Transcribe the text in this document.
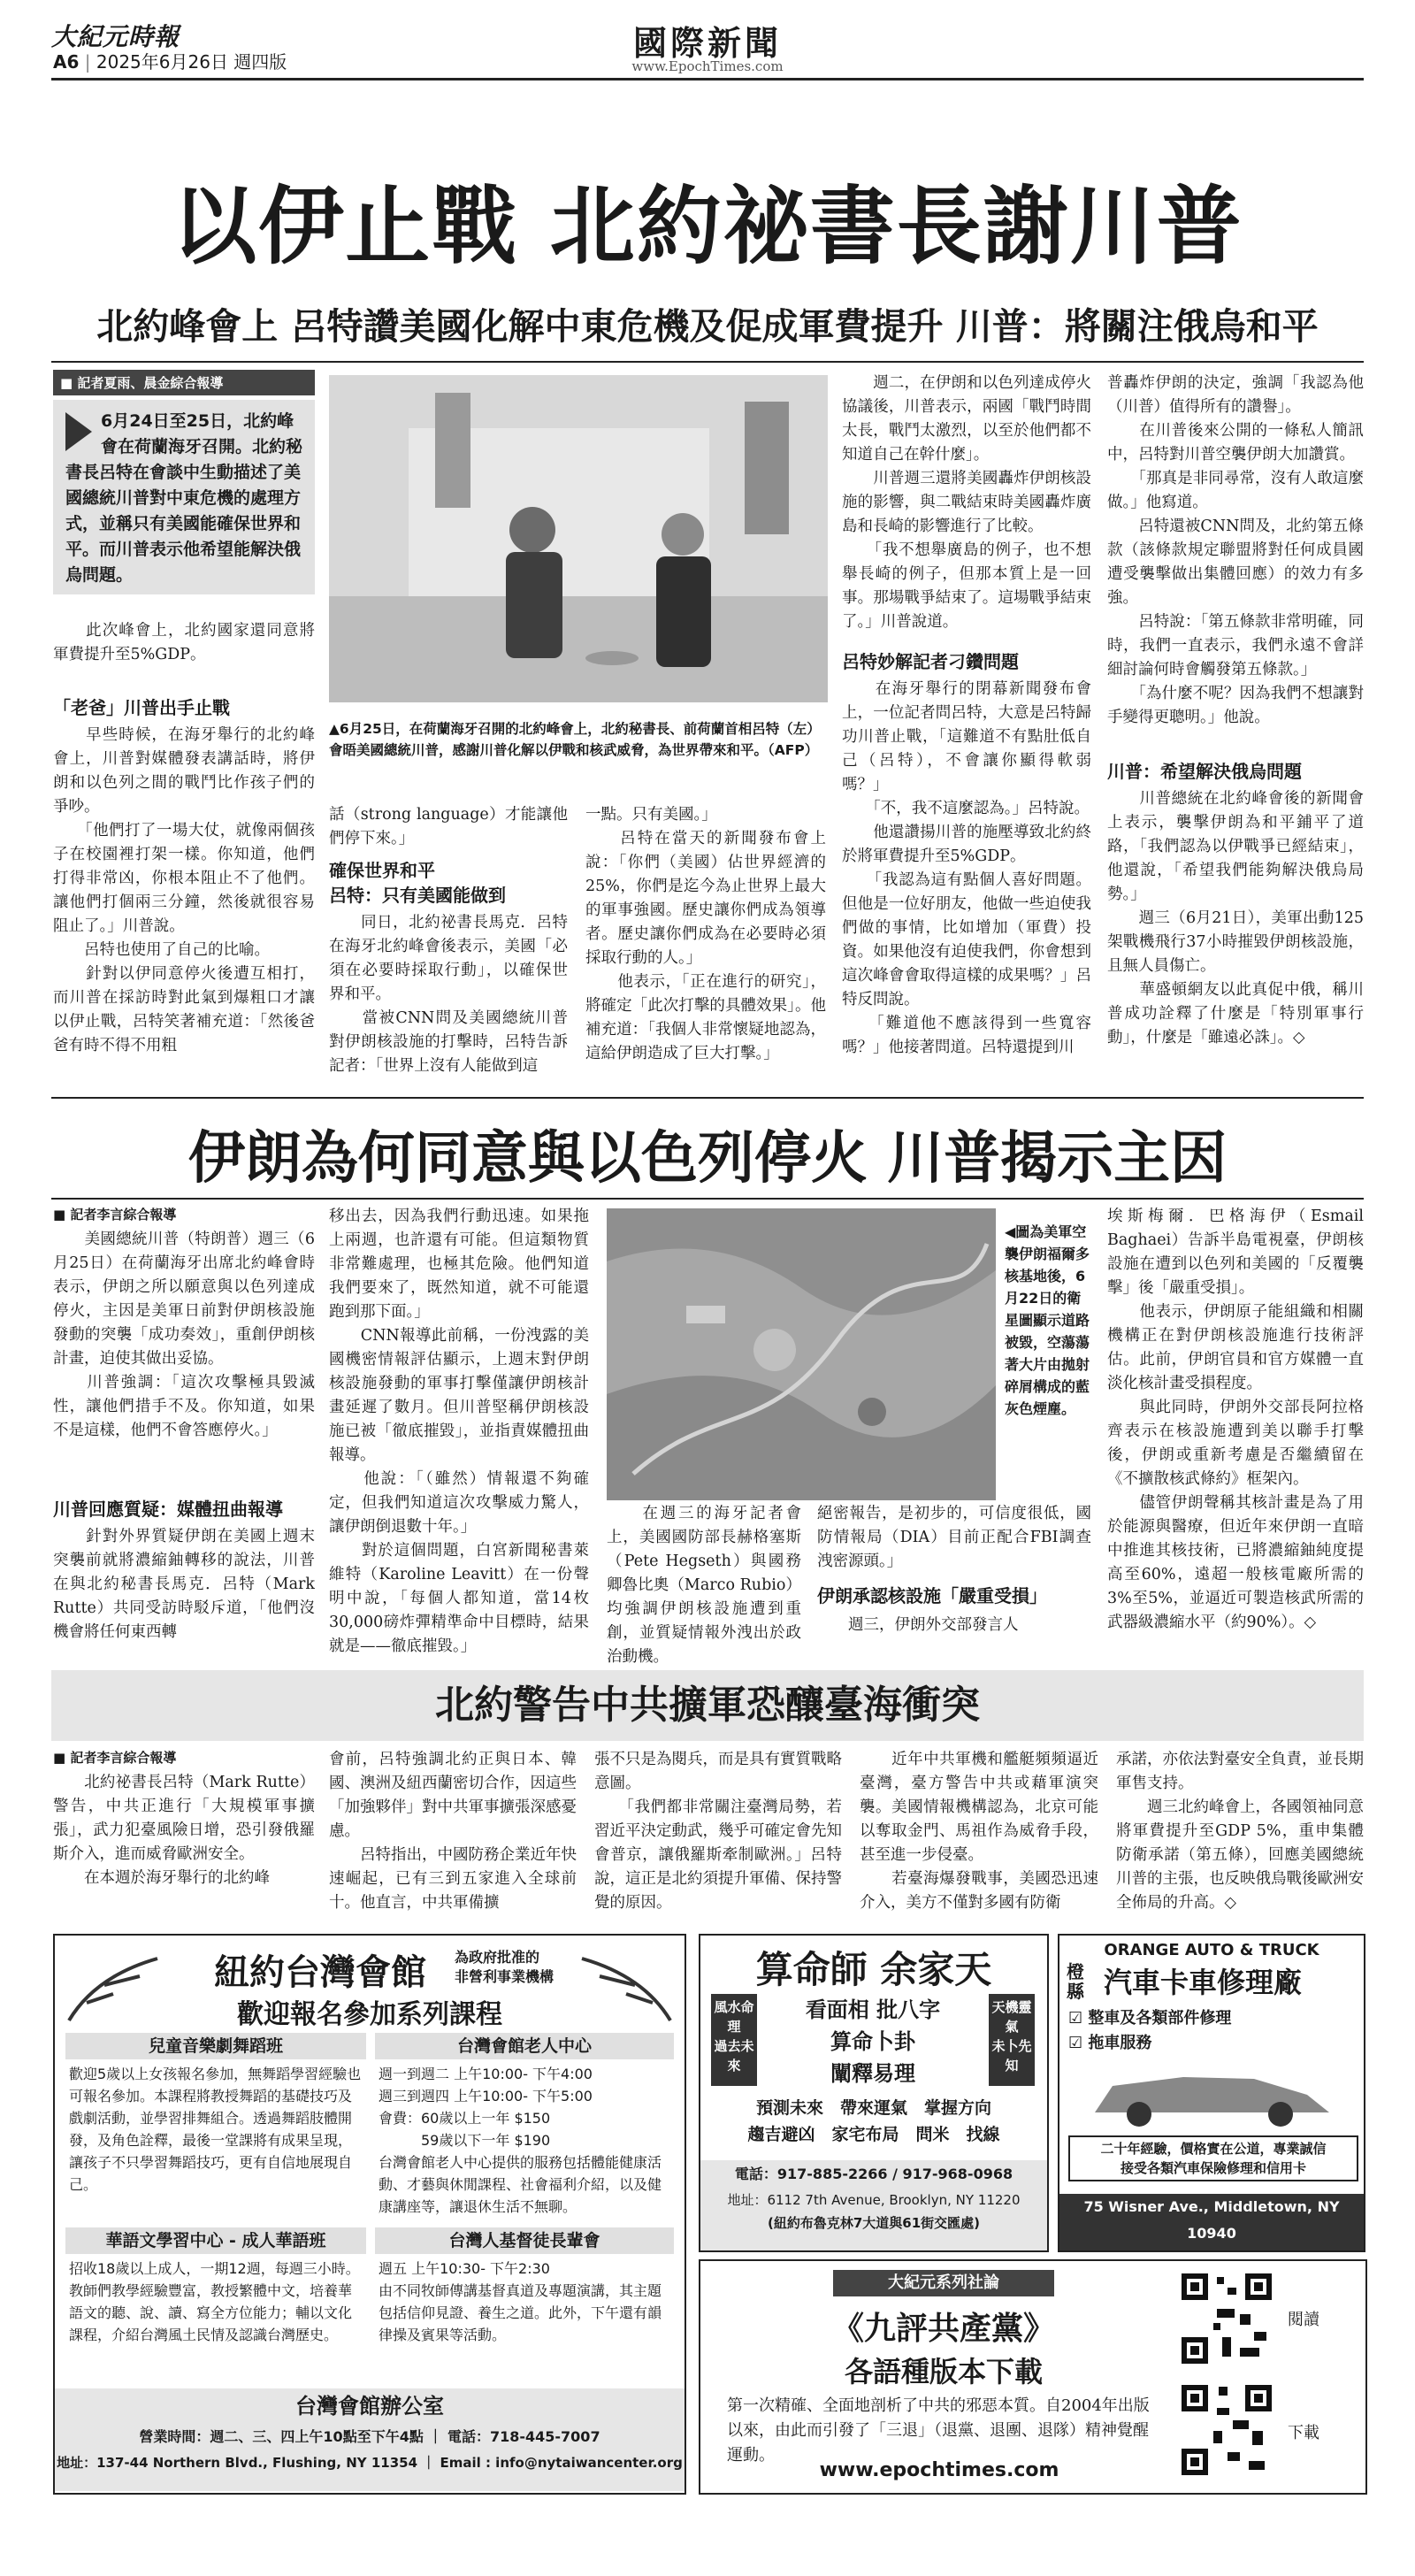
大紀元時報
A6 | 2025年6月26日 週四版	國際新聞
www.EpochTimes.com
以伊止戰 北約祕書長謝川普
北約峰會上 呂特讚美國化解中東危機及促成軍費提升 川普：將關注俄烏和平
■ 記者夏雨、晨金綜合報導
6月24日至25日，北約峰會在荷蘭海牙召開。北約秘書長呂特在會談中生動描述了美國總統川普對中東危機的處理方式，並稱只有美國能確保世界和平。而川普表示他希望能解決俄烏問題。
　　此次峰會上，北約國家還同意將軍費提升至5%GDP。
「老爸」川普出手止戰
　　早些時候，在海牙舉行的北約峰會上，川普對媒體發表講話時，將伊朗和以色列之間的戰鬥比作孩子們的爭吵。
　　「他們打了一場大仗，就像兩個孩子在校園裡打架一樣。你知道，他們打得非常凶，你根本阻止不了他們。讓他們打個兩三分鐘，然後就很容易阻止了。」川普說。
　　呂特也使用了自己的比喻。
　　針對以伊同意停火後遭互相打，而川普在採訪時對此氣到爆粗口才讓以伊止戰，呂特笑著補充道：「然後爸爸有時不得不用粗
▲6月25日，在荷蘭海牙召開的北約峰會上，北約秘書長、前荷蘭首相呂特（左）會晤美國總統川普，感謝川普化解以伊戰和核武威脅，為世界帶來和平。（AFP）
話（strong language）才能讓他們停下來。」
確保世界和平
呂特：只有美國能做到
　　同日，北約祕書長馬克．呂特在海牙北約峰會後表示，美國「必須在必要時採取行動」，以確保世界和平。
　　當被CNN問及美國總統川普對伊朗核設施的打擊時，呂特告訴記者：「世界上沒有人能做到這
一點。只有美國。」
　　呂特在當天的新聞發布會上說：「你們（美國）佔世界經濟的25%，你們是迄今為止世界上最大的軍事強國。歷史讓你們成為領導者。歷史讓你們成為在必要時必須採取行動的人。」
　　他表示，「正在進行的研究」，將確定「此次打擊的具體效果」。他補充道：「我個人非常懷疑地認為，這給伊朗造成了巨大打擊。」
　　週二，在伊朗和以色列達成停火協議後，川普表示，兩國「戰鬥時間太長，戰鬥太激烈，以至於他們都不知道自己在幹什麼」。
　　川普週三還將美國轟炸伊朗核設施的影響，與二戰結束時美國轟炸廣島和長崎的影響進行了比較。
　　「我不想舉廣島的例子，也不想舉長崎的例子，但那本質上是一回事。那場戰爭結束了。這場戰爭結束了。」川普說道。
呂特妙解記者刁鑽問題
　　在海牙舉行的閉幕新聞發布會上，一位記者問呂特，大意是呂特歸功川普止戰，「這難道不有點肚低自己（呂特），不會讓你顯得軟弱嗎？」
　　「不，我不這麼認為。」呂特說。
　　他還讚揚川普的施壓導致北約終於將軍費提升至5%GDP。
　　「我認為這有點個人喜好問題。但他是一位好朋友，他做一些迫使我們做的事情，比如增加（軍費）投資。如果他沒有迫使我們，你會想到這次峰會會取得這樣的成果嗎？」呂特反問說。
　　「難道他不應該得到一些寬容嗎？」他接著問道。呂特還提到川
普轟炸伊朗的決定，強調「我認為他（川普）值得所有的讚譽」。
　　在川普後來公開的一條私人簡訊中，呂特對川普空襲伊朗大加讚賞。
　　「那真是非同尋常，沒有人敢這麼做。」他寫道。
　　呂特還被CNN問及，北約第五條款（該條款規定聯盟將對任何成員國遭受襲擊做出集體回應）的效力有多強。
　　呂特說：「第五條款非常明確，同時，我們一直表示，我們永遠不會詳細討論何時會觸發第五條款。」
　　「為什麼不呢？因為我們不想讓對手變得更聰明。」他說。
川普：希望解決俄烏問題
　　川普總統在北約峰會後的新聞會上表示，襲擊伊朗為和平鋪平了道路，「我們認為以伊戰爭已經結束」，他還說，「希望我們能夠解決俄烏局勢。」
　　週三（6月21日），美軍出動125架戰機飛行37小時摧毀伊朗核設施，且無人員傷亡。
　　華盛頓網友以此真促中俄，稱川普成功詮釋了什麼是「特別軍事行動」，什麼是「雖遠必誅」。◇
伊朗為何同意與以色列停火 川普揭示主因
■ 記者李言綜合報導
　　美國總統川普（特朗普）週三（6月25日）在荷蘭海牙出席北約峰會時表示，伊朗之所以願意與以色列達成停火，主因是美軍日前對伊朗核設施發動的突襲「成功奏效」，重創伊朗核計畫，迫使其做出妥協。
　　川普強調：「這次攻擊極具毀滅性，讓他們措手不及。你知道，如果不是這樣，他們不會答應停火。」
川普回應質疑：媒體扭曲報導
　　針對外界質疑伊朗在美國上週末突襲前就將濃縮鈾轉移的說法，川普在與北約秘書長馬克．呂特（Mark Rutte）共同受訪時駁斥道，「他們沒機會將任何東西轉
移出去，因為我們行動迅速。如果拖上兩週，也許還有可能。但這類物質非常難處理，也極其危險。他們知道我們要來了，既然知道，就不可能還跑到那下面。」
　　CNN報導此前稱，一份洩露的美國機密情報評估顯示，上週末對伊朗核設施發動的軍事打擊僅讓伊朗核計畫延遲了數月。但川普堅稱伊朗核設施已被「徹底摧毀」，並指責媒體扭曲報導。
　　他說：「（雖然）情報還不夠確定，但我們知道這次攻擊威力驚人，讓伊朗倒退數十年。」
　　對於這個問題，白宮新聞秘書萊維特（Karoline Leavitt）在一份聲明中說，「每個人都知道，當14枚30,000磅炸彈精準命中目標時，結果就是——徹底摧毀。」
◀圖為美軍空襲伊朗福爾多核基地後，6月22日的衛星圖顯示道路被毀，空蕩蕩著大片由拋射碎屑構成的藍灰色煙塵。
　　在週三的海牙記者會上，美國國防部長赫格塞斯（Pete Hegseth）與國務卿魯比奧（Marco Rubio）均強調伊朗核設施遭到重創，並質疑情報外洩出於政治動機。

絕密報告，是初步的，可信度很低，國防情報局（DIA）目前正配合FBI調查洩密源頭。」
伊朗承認核設施「嚴重受損」
　　週三，伊朗外交部發言人
埃斯梅爾．巴格海伊（Esmail Baghaei）告訴半島電視臺，伊朗核設施在遭到以色列和美國的「反覆襲擊」後「嚴重受損」。
　　他表示，伊朗原子能組織和相關機構正在對伊朗核設施進行技術評估。此前，伊朗官員和官方媒體一直淡化核計畫受損程度。
　　與此同時，伊朗外交部長阿拉格齊表示在核設施遭到美以聯手打擊後，伊朗或重新考慮是否繼續留在《不擴散核武條約》框架內。
　　儘管伊朗聲稱其核計畫是為了用於能源與醫療，但近年來伊朗一直暗中推進其核技術，已將濃縮鈾純度提高至60%，遠超一般核電廠所需的3%至5%，並逼近可製造核武所需的武器級濃縮水平（約90%）。◇
北約警告中共擴軍恐釀臺海衝突
■ 記者李言綜合報導
　　北約祕書長呂特（Mark Rutte）警告，中共正進行「大規模軍事擴張」，武力犯臺風險日增，恐引發俄羅斯介入，進而威脅歐洲安全。
　　在本週於海牙舉行的北約峰
會前，呂特強調北約正與日本、韓國、澳洲及紐西蘭密切合作，因這些「加強夥伴」對中共軍事擴張深感憂慮。
　　呂特指出，中國防務企業近年快速崛起，已有三到五家進入全球前十。他直言，中共軍備擴
張不只是為閱兵，而是具有實質戰略意圖。
　　「我們都非常關注臺灣局勢，若習近平決定動武，幾乎可確定會先知會普京，讓俄羅斯牽制歐洲。」呂特說，這正是北約須提升軍備、保持警覺的原因。
　　近年中共軍機和艦艇頻頻逼近臺灣，臺方警告中共或藉軍演突襲。美國情報機構認為，北京可能以奪取金門、馬祖作為威脅手段，甚至進一步侵臺。
　　若臺海爆發戰事，美國恐迅速介入，美方不僅對多國有防衛
承諾，亦依法對臺安全負責，並長期軍售支持。
　　週三北約峰會上，各國領袖同意將軍費提升至GDP 5%，重申集體防衛承諾（第五條），回應美國總統川普的主張，也反映俄烏戰後歐洲安全佈局的升高。◇
紐約台灣會館	為政府批准的
非營利事業機構
歡迎報名參加系列課程
兒童音樂劇舞蹈班
歡迎5歲以上女孩報名參加，無舞蹈學習經驗也可報名參加。本課程將教授舞蹈的基礎技巧及戲劇活動，並學習排舞組合。透過舞蹈肢體開發，及角色詮釋，最後一堂課將有成果呈現，讓孩子不只學習舞蹈技巧，更有自信地展現自己。
華語文學習中心 - 成人華語班
招收18歲以上成人，一期12週，每週三小時。教師們教學經驗豐富，教授繁體中文，培養華語文的聽、說、讀、寫全方位能力；輔以文化課程，介紹台灣風土民情及認識台灣歷史。
台灣會館老人中心
週一到週二 上午10:00- 下午4:00
週三到週四 上午10:00- 下午5:00
會費：60歲以上一年 $150
　　　59歲以下一年 $190
台灣會館老人中心提供的服務包括體能健康活動、才藝與休閒課程、社會福利介紹，以及健康講座等，讓退休生活不無聊。
台灣人基督徒長輩會
週五 上午10:30- 下午2:30
由不同牧師傳講基督真道及專題演講，其主題包括信仰見證、養生之道。此外，下午還有韻律操及賓果等活動。
台灣會館辦公室
營業時間：週二、三、四上午10點至下午4點 ｜ 電話：718-445-7007
地址：137-44 Northern Blvd., Flushing, NY 11354 ｜ Email : info@nytaiwancenter.org
算命師 余家天
風水命理
過去未來
天機靈氣
未卜先知
看面相 批八字
算命卜卦
闡釋易理
預測未來　帶來運氣　掌握方向
趨吉避凶　家宅布局　問米　找線
電話：917-885-2266 / 917-968-0968
地址：6112 7th Avenue, Brooklyn, NY 11220
(紐約布魯克林7大道與61街交匯處)
ORANGE AUTO & TRUCK
橙縣 汽車卡車修理廠
☑ 整車及各類部件修理
☑ 拖車服務
二十年經驗，價格實在公道，專業誠信
接受各類汽車保險修理和信用卡
75 Wisner Ave., Middletown, NY 10940
大紀元系列社論
《九評共產黨》
各語種版本下載
第一次精確、全面地剖析了中共的邪惡本質。自2004年出版以來，由此而引發了「三退」（退黨、退團、退隊）精神覺醒運動。
www.epochtimes.com
閱讀
下載
